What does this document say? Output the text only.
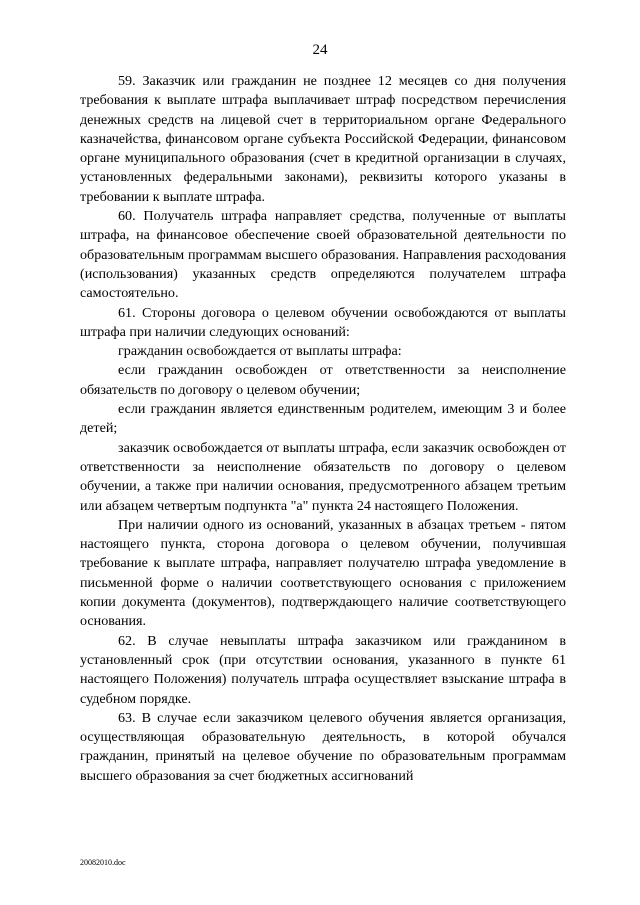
24

59. Заказчик или гражданин не позднее 12 месяцев со дня получения требования к выплате штрафа выплачивает штраф посредством перечисления денежных средств на лицевой счет в территориальном органе Федерального казначейства, финансовом органе субъекта Российской Федерации, финансовом органе муниципального образования (счет в кредитной организации в случаях, установленных федеральными законами), реквизиты которого указаны в требовании к выплате штрафа.

60. Получатель штрафа направляет средства, полученные от выплаты штрафа, на финансовое обеспечение своей образовательной деятельности по образовательным программам высшего образования. Направления расходования (использования) указанных средств определяются получателем штрафа самостоятельно.

61. Стороны договора о целевом обучении освобождаются от выплаты штрафа при наличии следующих оснований:

гражданин освобождается от выплаты штрафа:

если гражданин освобожден от ответственности за неисполнение обязательств по договору о целевом обучении;

если гражданин является единственным родителем, имеющим 3 и более детей;

заказчик освобождается от выплаты штрафа, если заказчик освобожден от ответственности за неисполнение обязательств по договору о целевом обучении, а также при наличии основания, предусмотренного абзацем третьим или абзацем четвертым подпункта "а" пункта 24 настоящего Положения.

При наличии одного из оснований, указанных в абзацах третьем - пятом настоящего пункта, сторона договора о целевом обучении, получившая требование к выплате штрафа, направляет получателю штрафа уведомление в письменной форме о наличии соответствующего основания с приложением копии документа (документов), подтверждающего наличие соответствующего основания.

62. В случае невыплаты штрафа заказчиком или гражданином в установленный срок (при отсутствии основания, указанного в пункте 61 настоящего Положения) получатель штрафа осуществляет взыскание штрафа в судебном порядке.

63. В случае если заказчиком целевого обучения является организация, осуществляющая образовательную деятельность, в которой обучался гражданин, принятый на целевое обучение по образовательным программам высшего образования за счет бюджетных ассигнований

20082010.doc
